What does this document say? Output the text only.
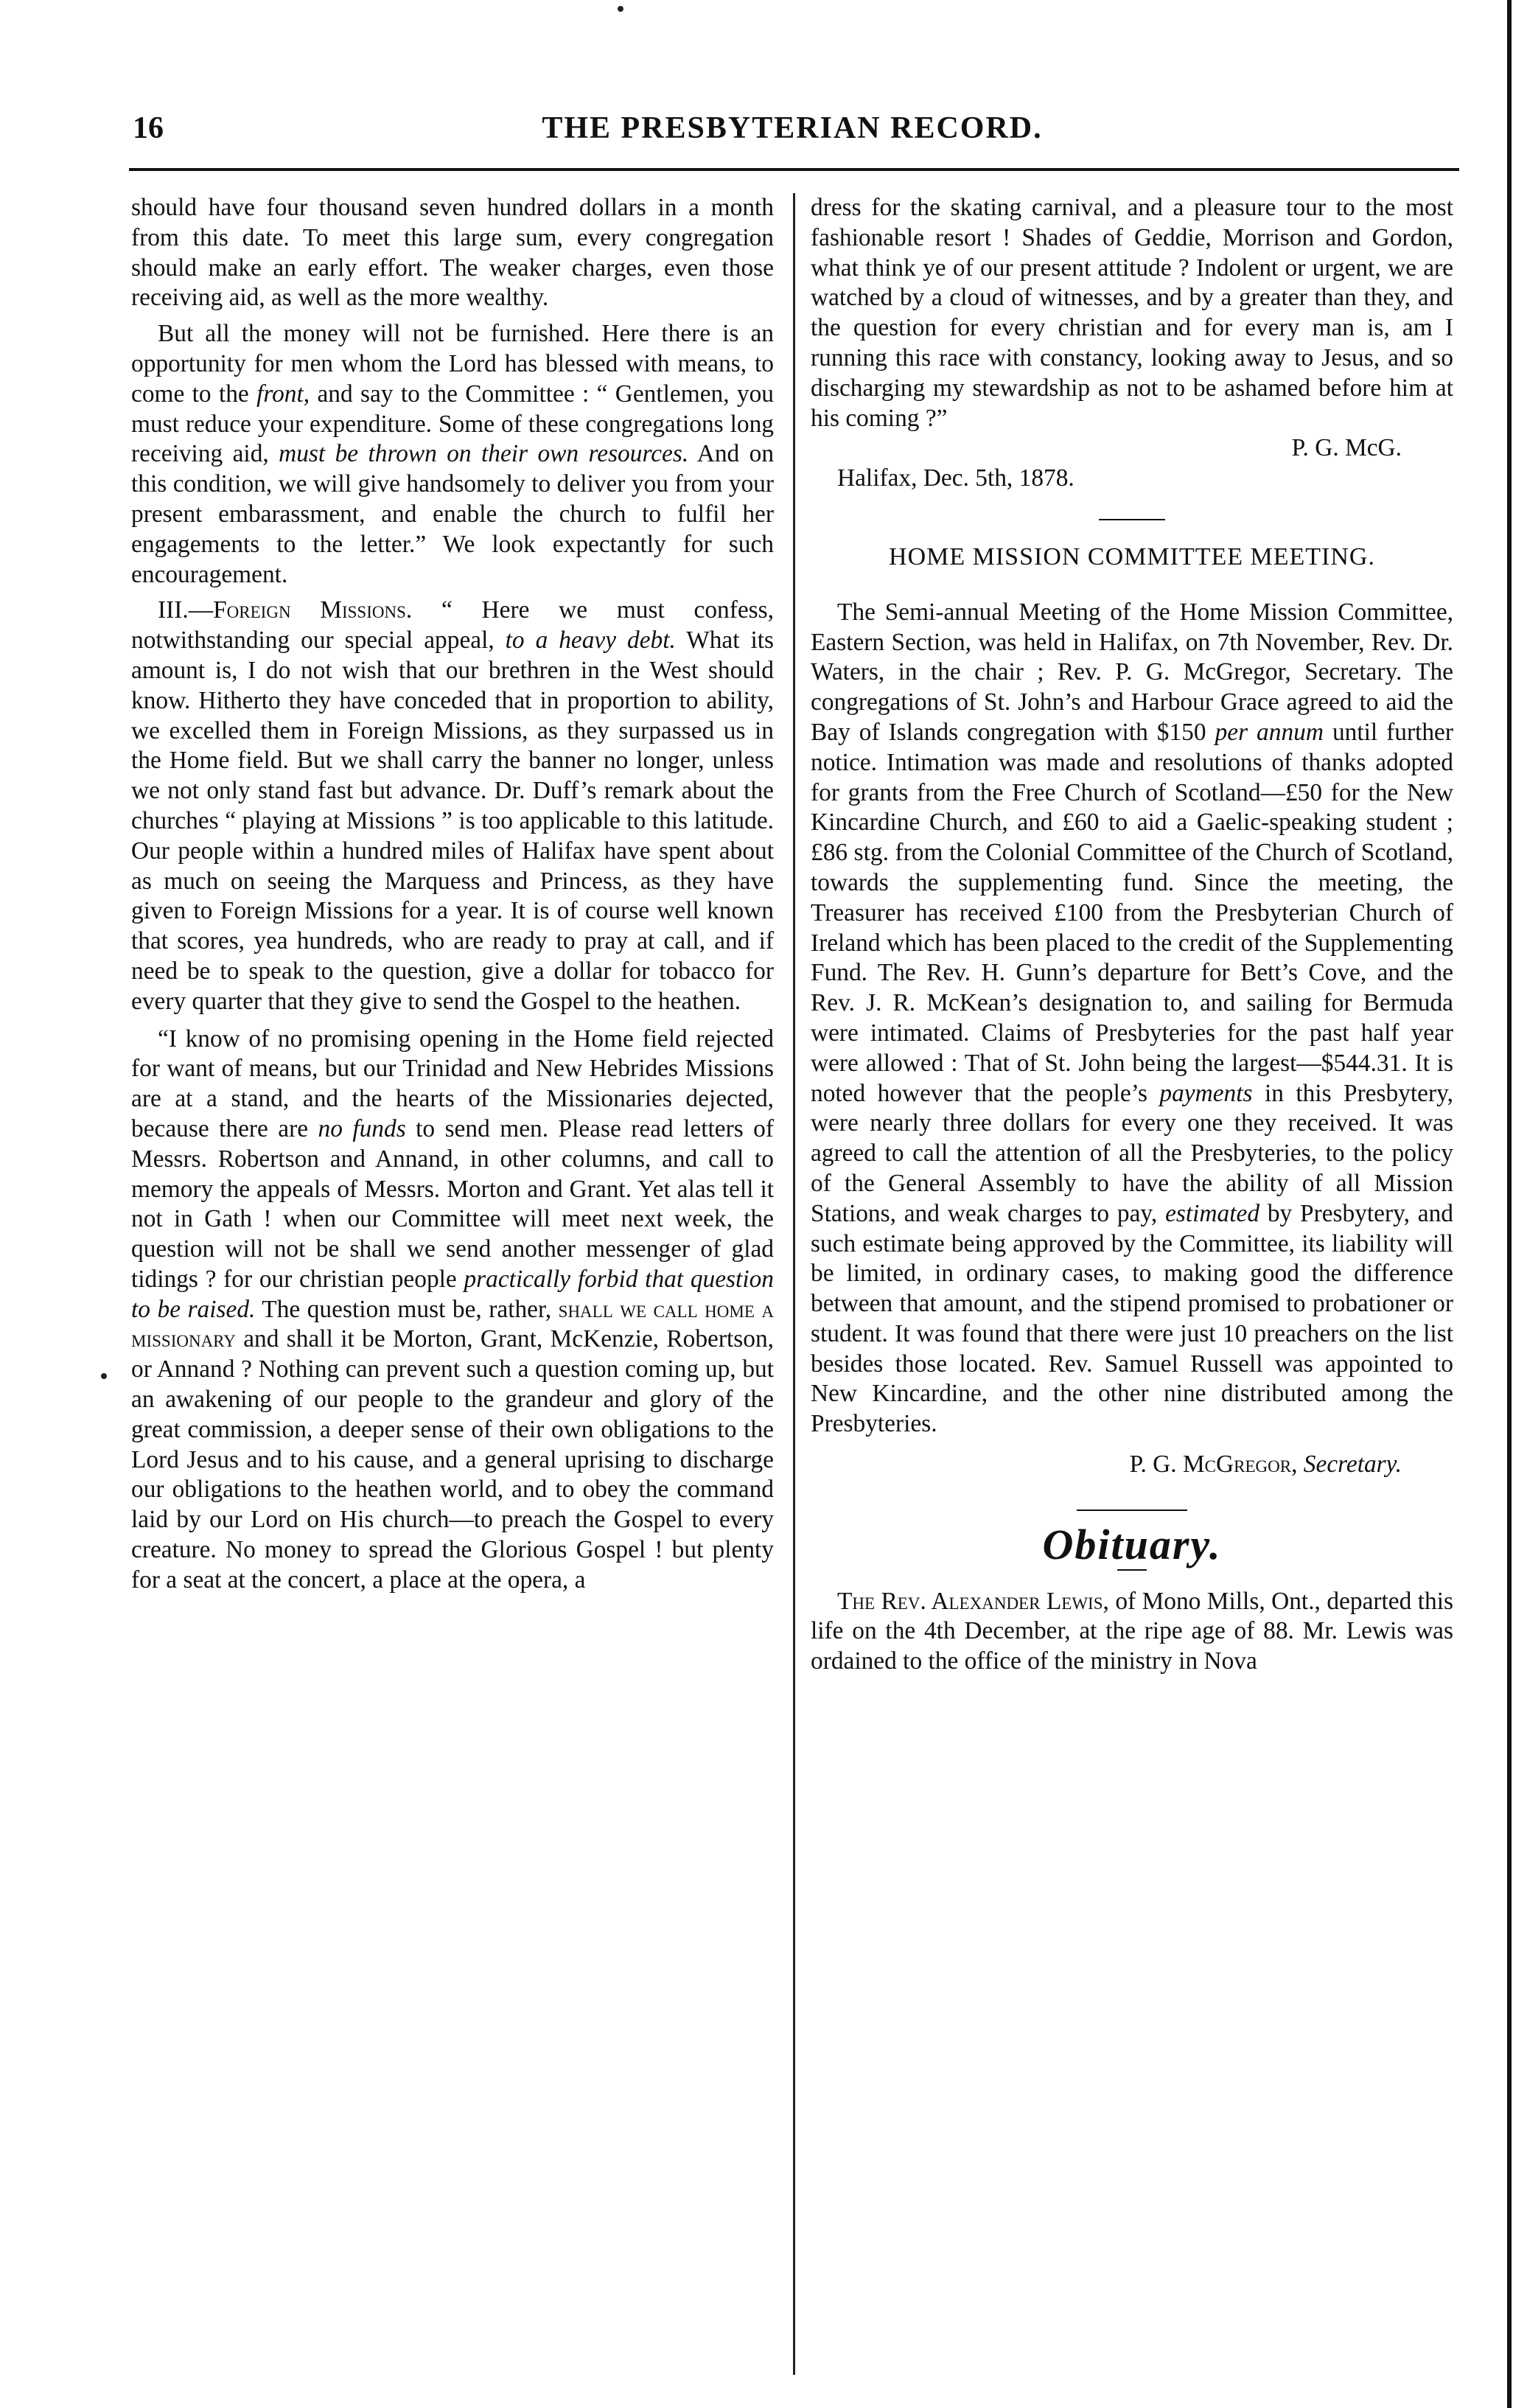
16	THE PRESBYTERIAN RECORD.

should have four thousand seven hundred dollars in a month from this date. To meet this large sum, every congregation should make an early effort. The weaker charges, even those receiving aid, as well as the more wealthy.

But all the money will not be furnished. Here there is an opportunity for men whom the Lord has blessed with means, to come to the front, and say to the Committee : “ Gentlemen, you must reduce your expenditure. Some of these congregations long receiving aid, must be thrown on their own resources. And on this condition, we will give handsomely to deliver you from your present embarassment, and enable the church to fulfil her engagements to the letter.” We look expectantly for such encouragement.

III.—Foreign Missions. “ Here we must confess, notwithstanding our special appeal, to a heavy debt. What its amount is, I do not wish that our brethren in the West should know. Hitherto they have conceded that in proportion to ability, we excelled them in Foreign Missions, as they surpassed us in the Home field. But we shall carry the banner no longer, unless we not only stand fast but advance. Dr. Duff’s remark about the churches “ playing at Missions ” is too applicable to this latitude. Our people within a hundred miles of Halifax have spent about as much on seeing the Marquess and Princess, as they have given to Foreign Missions for a year. It is of course well known that scores, yea hundreds, who are ready to pray at call, and if need be to speak to the question, give a dollar for tobacco for every quarter that they give to send the Gospel to the heathen.

“I know of no promising opening in the Home field rejected for want of means, but our Trinidad and New Hebrides Missions are at a stand, and the hearts of the Missionaries dejected, because there are no funds to send men. Please read letters of Messrs. Robertson and Annand, in other columns, and call to memory the appeals of Messrs. Morton and Grant. Yet alas tell it not in Gath ! when our Committee will meet next week, the question will not be shall we send another messenger of glad tidings ? for our christian people practically forbid that question to be raised. The question must be, rather, shall we call home a missionary and shall it be Morton, Grant, McKenzie, Robertson, or Annand ? Nothing can prevent such a question coming up, but an awakening of our people to the grandeur and glory of the great commission, a deeper sense of their own obligations to the Lord Jesus and to his cause, and a general uprising to discharge our obligations to the heathen world, and to obey the command laid by our Lord on His church—to preach the Gospel to every creature. No money to spread the Glorious Gospel ! but plenty for a seat at the concert, a place at the opera, a

dress for the skating carnival, and a pleasure tour to the most fashionable resort ! Shades of Geddie, Morrison and Gordon, what think ye of our present attitude ? Indolent or urgent, we are watched by a cloud of witnesses, and by a greater than they, and the question for every christian and for every man is, am I running this race with constancy, looking away to Jesus, and so discharging my stewardship as not to be ashamed before him at his coming ?”

P. G. McG.

Halifax, Dec. 5th, 1878.

HOME MISSION COMMITTEE MEETING.

The Semi-annual Meeting of the Home Mission Committee, Eastern Section, was held in Halifax, on 7th November, Rev. Dr. Waters, in the chair ; Rev. P. G. McGregor, Secretary. The congregations of St. John’s and Harbour Grace agreed to aid the Bay of Islands congregation with $150 per annum until further notice. Intimation was made and resolutions of thanks adopted for grants from the Free Church of Scotland—£50 for the New Kincardine Church, and £60 to aid a Gaelic-speaking student ; £86 stg. from the Colonial Committee of the Church of Scotland, towards the supplementing fund. Since the meeting, the Treasurer has received £100 from the Presbyterian Church of Ireland which has been placed to the credit of the Supplementing Fund. The Rev. H. Gunn’s departure for Bett’s Cove, and the Rev. J. R. McKean’s designation to, and sailing for Bermuda were intimated. Claims of Presbyteries for the past half year were allowed : That of St. John being the largest—$544.31. It is noted however that the people’s payments in this Presbytery, were nearly three dollars for every one they received. It was agreed to call the attention of all the Presbyteries, to the policy of the General Assembly to have the ability of all Mission Stations, and weak charges to pay, estimated by Presbytery, and such estimate being approved by the Committee, its liability will be limited, in ordinary cases, to making good the difference between that amount, and the stipend promised to probationer or student. It was found that there were just 10 preachers on the list besides those located. Rev. Samuel Russell was appointed to New Kincardine, and the other nine distributed among the Presbyteries.

P. G. McGregor, Secretary.

Obituary.

The Rev. Alexander Lewis, of Mono Mills, Ont., departed this life on the 4th December, at the ripe age of 88. Mr. Lewis was ordained to the office of the ministry in Nova
